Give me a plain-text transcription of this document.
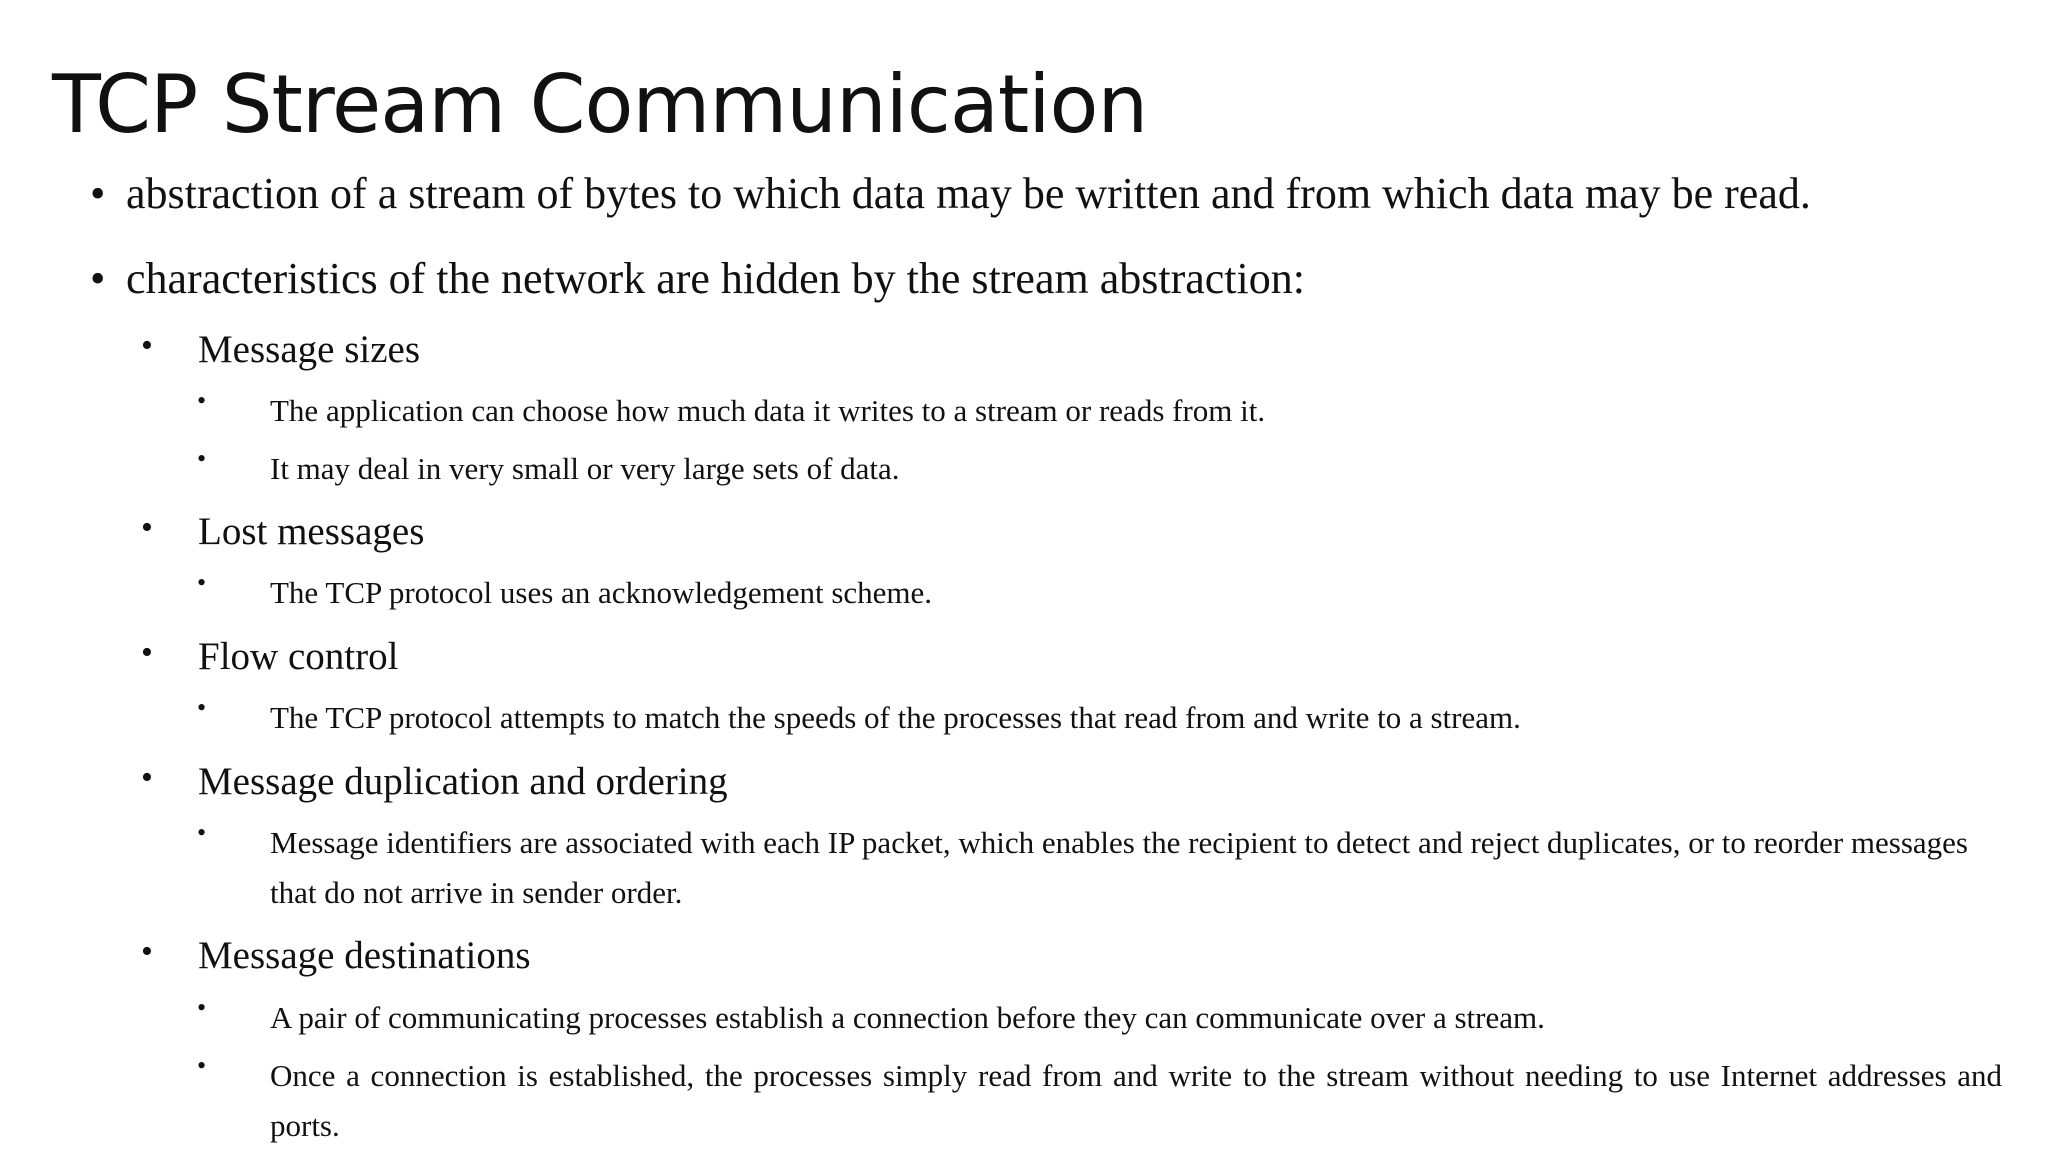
TCP Stream Communication
• abstraction of a stream of bytes to which data may be written and from which data may be read.
• characteristics of the network are hidden by the stream abstraction:
• Message sizes
• The application can choose how much data it writes to a stream or reads from it.
• It may deal in very small or very large sets of data.
• Lost messages
• The TCP protocol uses an acknowledgement scheme.
• Flow control
• The TCP protocol attempts to match the speeds of the processes that read from and write to a stream.
• Message duplication and ordering
• Message identifiers are associated with each IP packet, which enables the recipient to detect and reject duplicates, or to reorder messages that do not arrive in sender order.
• Message destinations
• A pair of communicating processes establish a connection before they can communicate over a stream.
• Once a connection is established, the processes simply read from and write to the stream without needing to use Internet addresses and ports.
